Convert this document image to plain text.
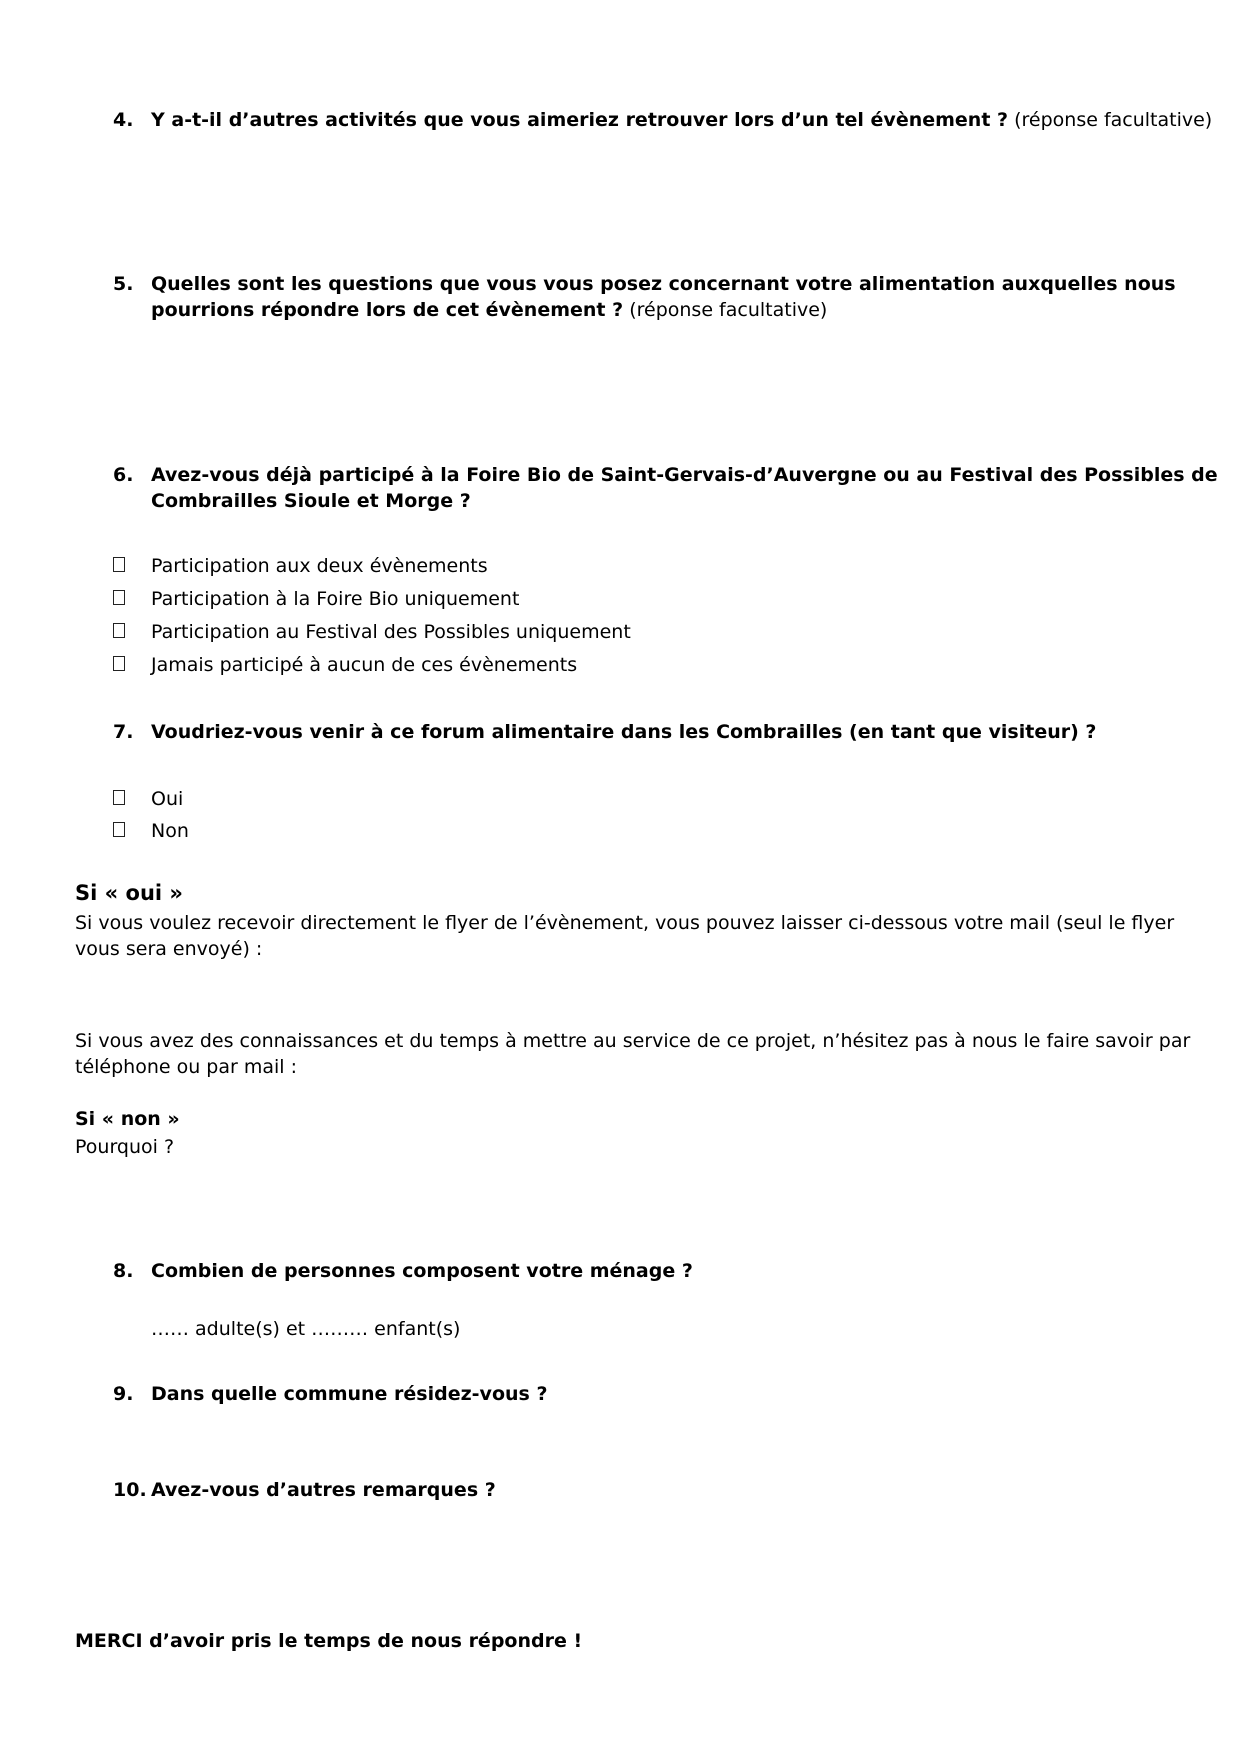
4. Y a-t-il d’autres activités que vous aimeriez retrouver lors d’un tel évènement ? (réponse facultative)
5. Quelles sont les questions que vous vous posez concernant votre alimentation auxquelles nous
pourrions répondre lors de cet évènement ? (réponse facultative)
6. Avez-vous déjà participé à la Foire Bio de Saint-Gervais-d’Auvergne ou au Festival des Possibles de
Combrailles Sioule et Morge ?
Participation aux deux évènements
Participation à la Foire Bio uniquement
Participation au Festival des Possibles uniquement
Jamais participé à aucun de ces évènements
7. Voudriez-vous venir à ce forum alimentaire dans les Combrailles (en tant que visiteur) ?
Oui
Non
Si « oui »
Si vous voulez recevoir directement le flyer de l’évènement, vous pouvez laisser ci-dessous votre mail (seul le flyer
vous sera envoyé) :
Si vous avez des connaissances et du temps à mettre au service de ce projet, n’hésitez pas à nous le faire savoir par
téléphone ou par mail :
Si « non »
Pourquoi ?
8. Combien de personnes composent votre ménage ?
…… adulte(s) et ……… enfant(s)
9. Dans quelle commune résidez-vous ?
10. Avez-vous d’autres remarques ?
MERCI d’avoir pris le temps de nous répondre !
